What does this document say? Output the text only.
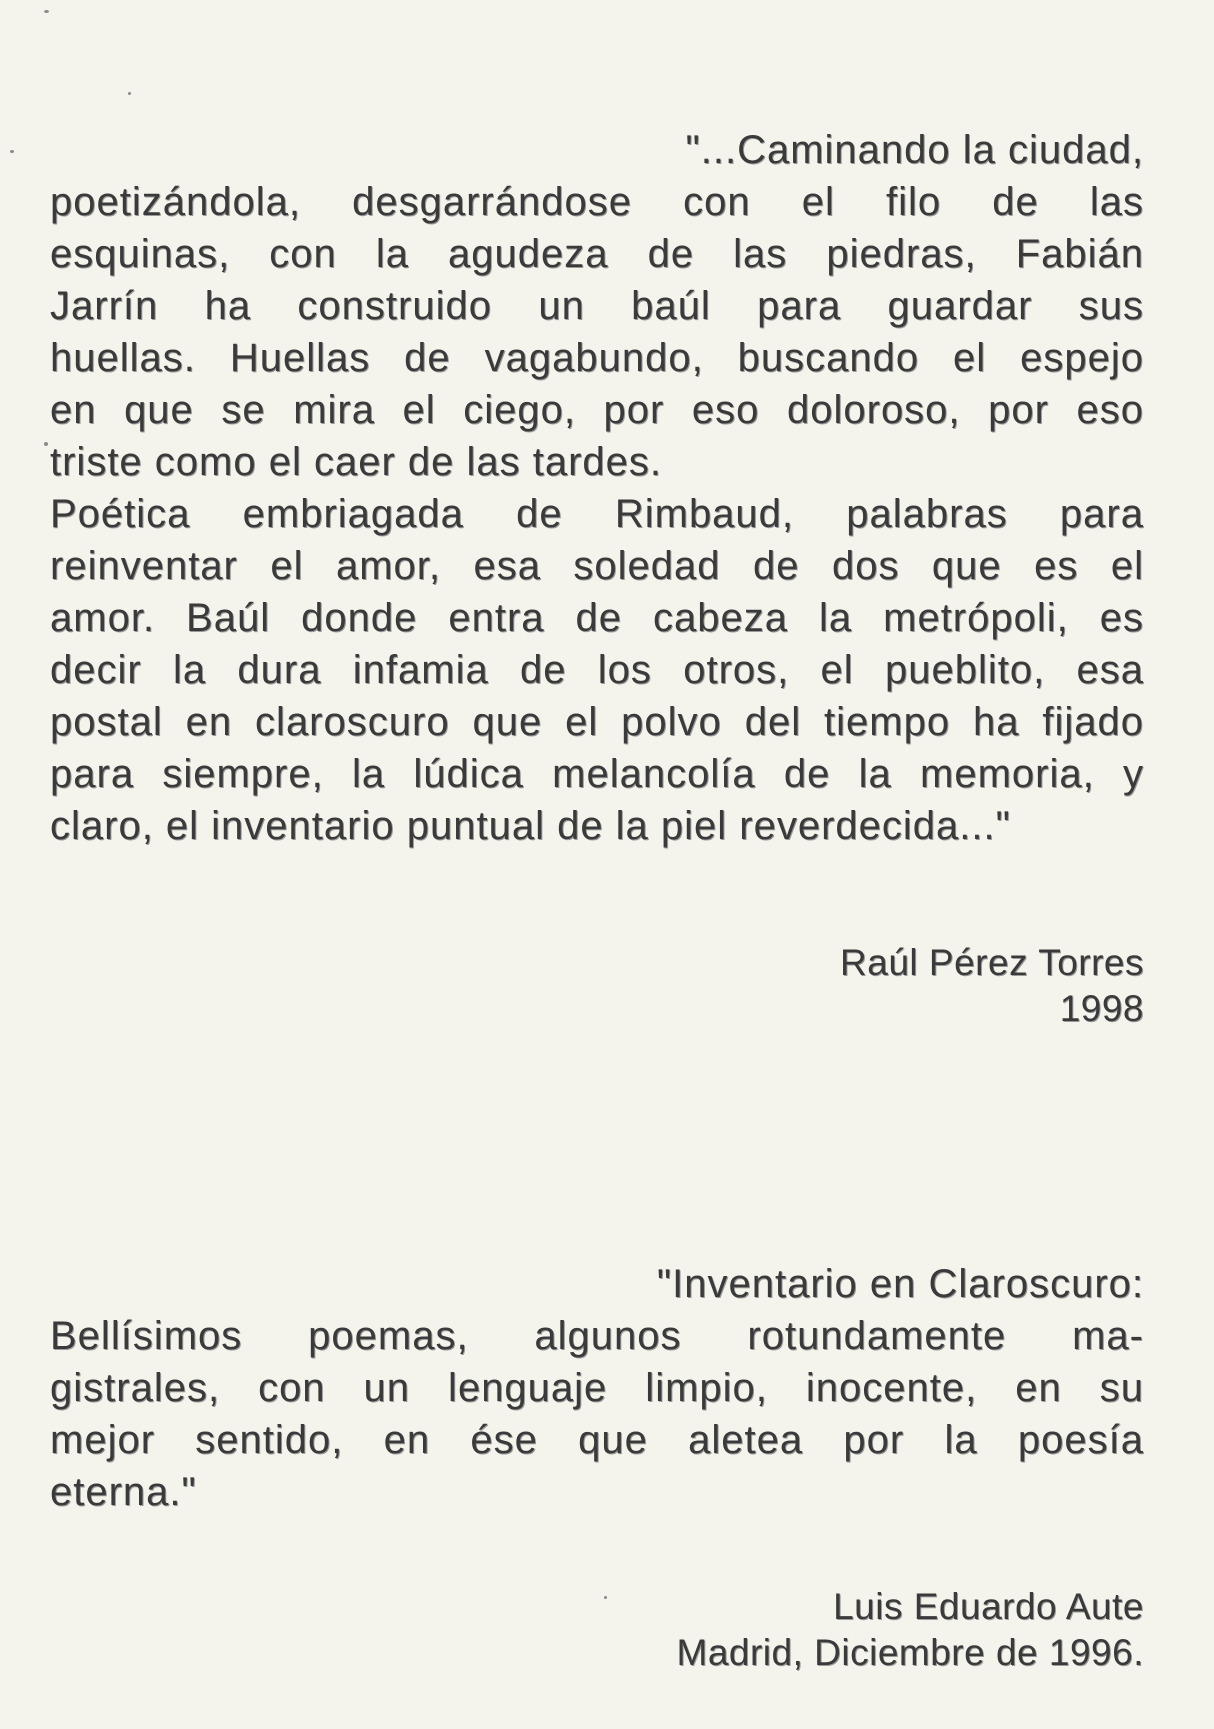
"...Caminando la ciudad,
poetizándola, desgarrándose con el filo de las
esquinas, con la agudeza de las piedras, Fabián
Jarrín ha construido un baúl para guardar sus
huellas. Huellas de vagabundo, buscando el espejo
en que se mira el ciego, por eso doloroso, por eso
triste como el caer de las tardes.
Poética embriagada de Rimbaud, palabras para
reinventar el amor, esa soledad de dos que es el
amor. Baúl donde entra de cabeza la metrópoli, es
decir la dura infamia de los otros, el pueblito, esa
postal en claroscuro que el polvo del tiempo ha fijado
para siempre, la lúdica melancolía de la memoria, y
claro, el inventario puntual de la piel reverdecida..."
Raúl Pérez Torres
1998
"Inventario en Claroscuro:
Bellísimos poemas, algunos rotundamente ma-
gistrales, con un lenguaje limpio, inocente, en su
mejor sentido, en ése que aletea por la poesía
eterna."
Luis Eduardo Aute
Madrid, Diciembre de 1996.
